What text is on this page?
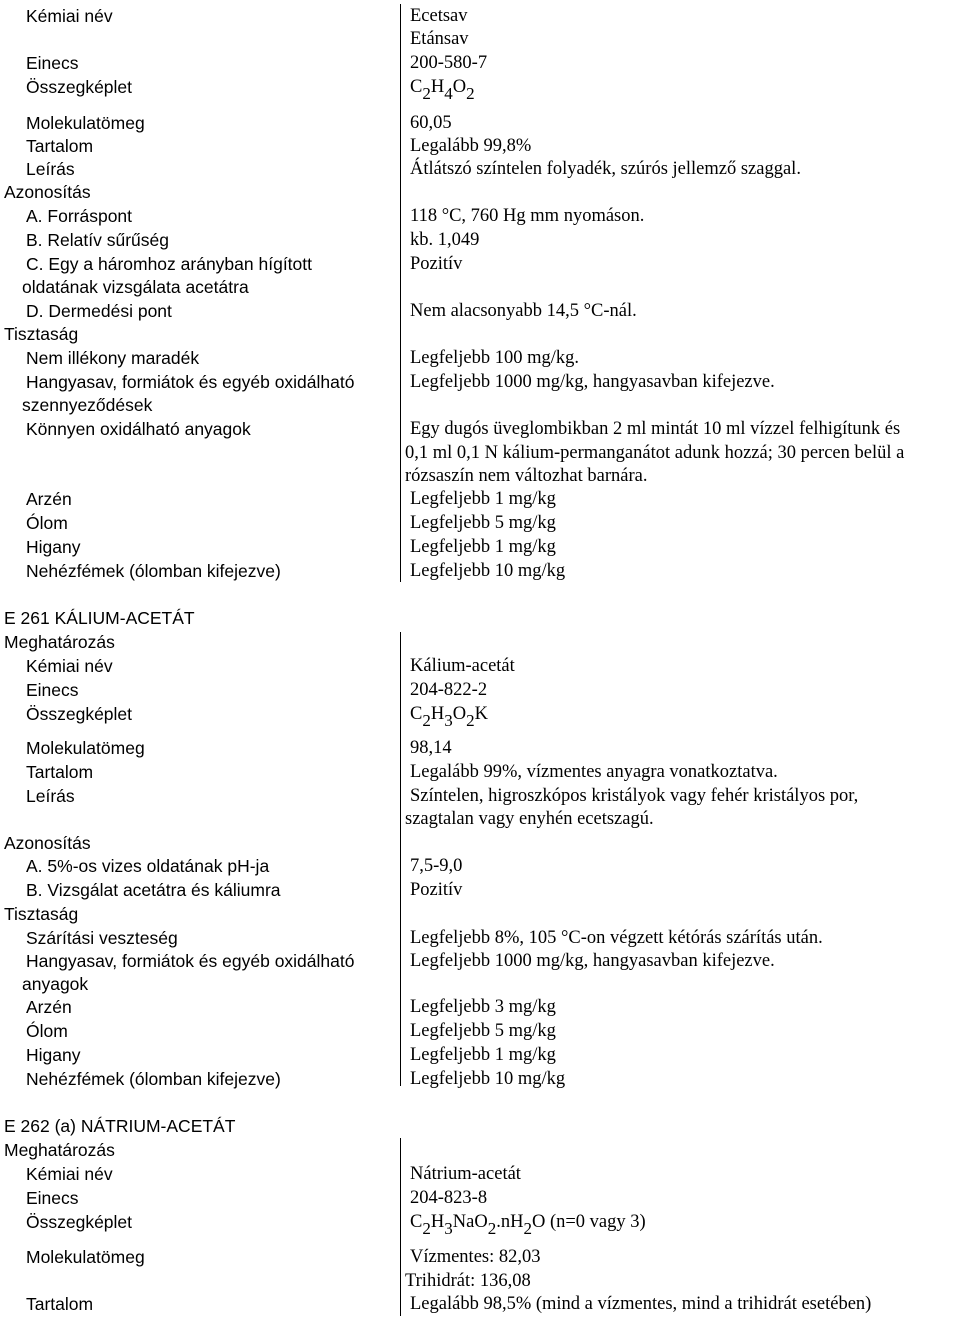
Kémiai név	Ecetsav
Etánsav
Einecs	200-580-7
Összegképlet	C2H4O2
Molekulatömeg	60,05
Tartalom	Legalább 99,8%
Leírás	Átlátszó színtelen folyadék, szúrós jellemző szaggal.
Azonosítás
A. Forráspont	118 °C, 760 Hg mm nyomáson.
B. Relatív sűrűség	kb. 1,049
C. Egy a háromhoz arányban hígított	Pozitív
oldatának vizsgálata acetátra
D. Dermedési pont	Nem alacsonyabb 14,5 °C-nál.
Tisztaság
Nem illékony maradék	Legfeljebb 100 mg/kg.
Hangyasav, formiátok és egyéb oxidálható	Legfeljebb 1000 mg/kg, hangyasavban kifejezve.
szennyeződések
Könnyen oxidálható anyagok	Egy dugós üveglombikban 2 ml mintát 10 ml vízzel felhigítunk és
0,1 ml 0,1 N kálium-permanganátot adunk hozzá; 30 percen belül a
rózsaszín nem változhat barnára.
Arzén	Legfeljebb 1 mg/kg
Ólom	Legfeljebb 5 mg/kg
Higany	Legfeljebb 1 mg/kg
Nehézfémek (ólomban kifejezve)	Legfeljebb 10 mg/kg
E 261 KÁLIUM-ACETÁT
Meghatározás
Kémiai név	Kálium-acetát
Einecs	204-822-2
Összegképlet	C2H3O2K
Molekulatömeg	98,14
Tartalom	Legalább 99%, vízmentes anyagra vonatkoztatva.
Leírás	Színtelen, higroszkópos kristályok vagy fehér kristályos por,
szagtalan vagy enyhén ecetszagú.
Azonosítás
A. 5%-os vizes oldatának pH-ja	7,5-9,0
B. Vizsgálat acetátra és káliumra	Pozitív
Tisztaság
Szárítási veszteség	Legfeljebb 8%, 105 °C-on végzett kétórás szárítás után.
Hangyasav, formiátok és egyéb oxidálható	Legfeljebb 1000 mg/kg, hangyasavban kifejezve.
anyagok
Arzén	Legfeljebb 3 mg/kg
Ólom	Legfeljebb 5 mg/kg
Higany	Legfeljebb 1 mg/kg
Nehézfémek (ólomban kifejezve)	Legfeljebb 10 mg/kg
E 262 (a) NÁTRIUM-ACETÁT
Meghatározás
Kémiai név	Nátrium-acetát
Einecs	204-823-8
Összegképlet	C2H3NaO2.nH2O (n=0 vagy 3)
Molekulatömeg	Vízmentes: 82,03
Trihidrát: 136,08
Tartalom	Legalább 98,5% (mind a vízmentes, mind a trihidrát esetében)
